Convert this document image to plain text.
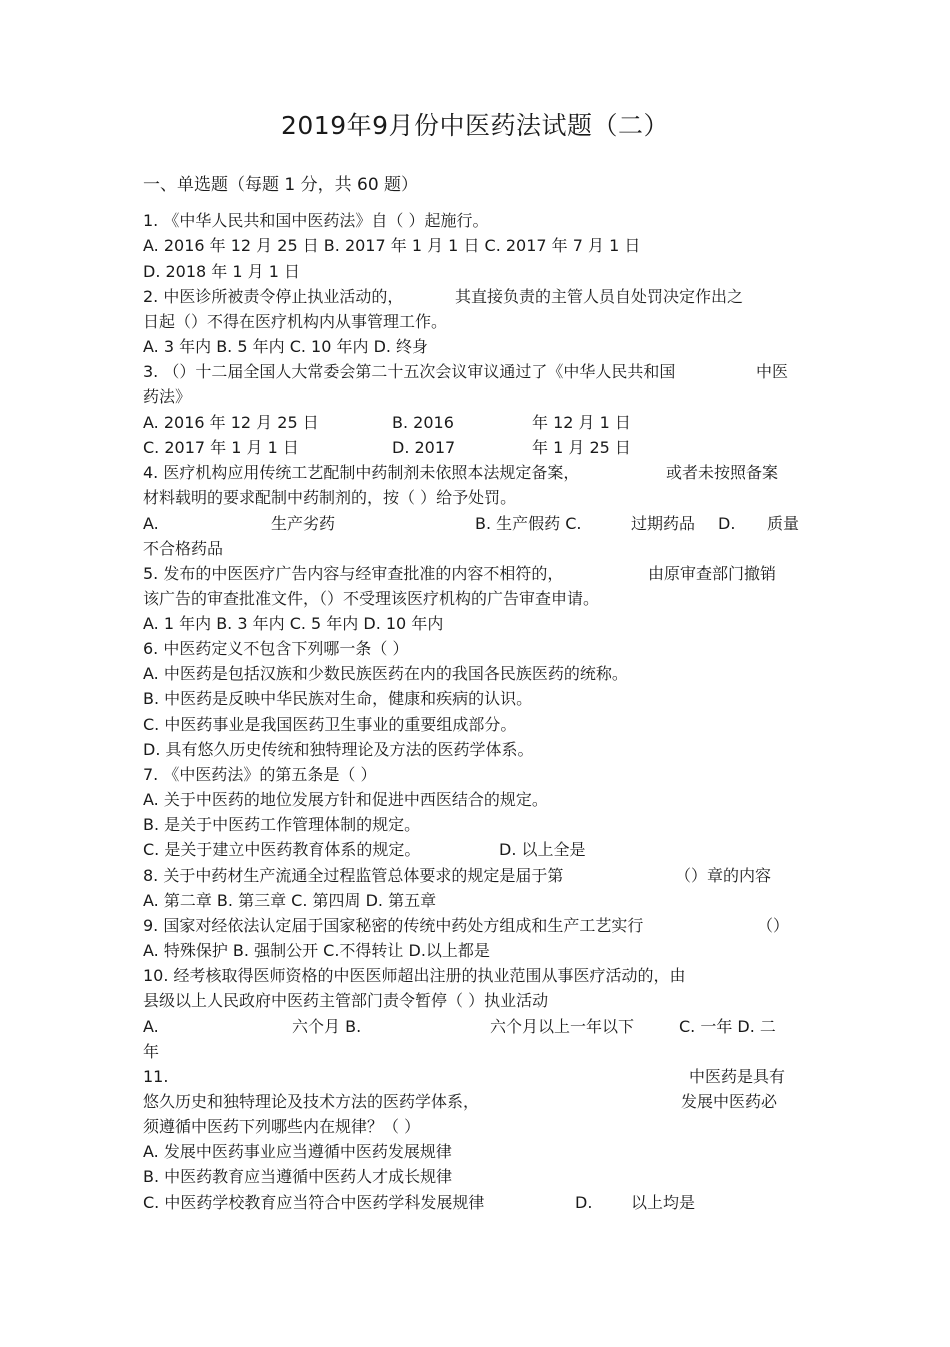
2019年9月份中医药法试题（二）
一、单选题（每题 1 分，共 60 题）
1. 《中华人民共和国中医药法》自（ ）起施行。
A. 2016 年 12 月 25 日 B. 2017 年 1 月 1 日 C. 2017 年 7 月 1 日
D. 2018 年 1 月 1 日
2. 中医诊所被责令停止执业活动的，	其直接负责的主管人员自处罚决定作出之
日起（）不得在医疗机构内从事管理工作。
A. 3 年内 B. 5 年内 C. 10 年内 D. 终身
3. （）十二届全国人大常委会第二十五次会议审议通过了《中华人民共和国	中医
药法》
A. 2016 年 12 月 25 日	B. 2016	年 12 月 1 日
C. 2017 年 1 月 1 日	D. 2017	年 1 月 25 日
4. 医疗机构应用传统工艺配制中药制剂未依照本法规定备案，	或者未按照备案
材料载明的要求配制中药制剂的，按（ ）给予处罚。
A.	生产劣药	B. 生产假药 C.	过期药品 D. 质量
不合格药品
5. 发布的中医医疗广告内容与经审查批准的内容不相符的，	由原审查部门撤销
该广告的审查批准文件，（）不受理该医疗机构的广告审查申请。
A. 1 年内 B. 3 年内 C. 5 年内 D. 10 年内
6. 中医药定义不包含下列哪一条（ ）
A. 中医药是包括汉族和少数民族医药在内的我国各民族医药的统称。
B. 中医药是反映中华民族对生命，健康和疾病的认识。
C. 中医药事业是我国医药卫生事业的重要组成部分。
D. 具有悠久历史传统和独特理论及方法的医药学体系。
7. 《中医药法》的第五条是（ ）
A. 关于中医药的地位发展方针和促进中西医结合的规定。
B. 是关于中医药工作管理体制的规定。
C. 是关于建立中医药教育体系的规定。	D. 以上全是
8. 关于中药材生产流通全过程监管总体要求的规定是届于第	（）章的内容
A. 第二章 B. 第三章 C. 第四周 D. 第五章
9. 国家对经依法认定届于国家秘密的传统中药处方组成和生产工艺实行	（）
A. 特殊保护 B. 强制公开 C.不得转让 D.以上都是
10. 经考核取得医师资格的中医医师超出注册的执业范围从事医疗活动的，由
县级以上人民政府中医药主管部门责令暂停（ ）执业活动
A.	六个月 B.	六个月以上一年以下	C. 一年 D. 二
年
11.	中医药是具有
悠久历史和独特理论及技术方法的医药学体系，	发展中医药必
须遵循中医药下列哪些内在规律？（ ）
A. 发展中医药事业应当遵循中医药发展规律
B. 中医药教育应当遵循中医药人才成长规律
C. 中医药学校教育应当符合中医药学科发展规律	D. 以上均是
